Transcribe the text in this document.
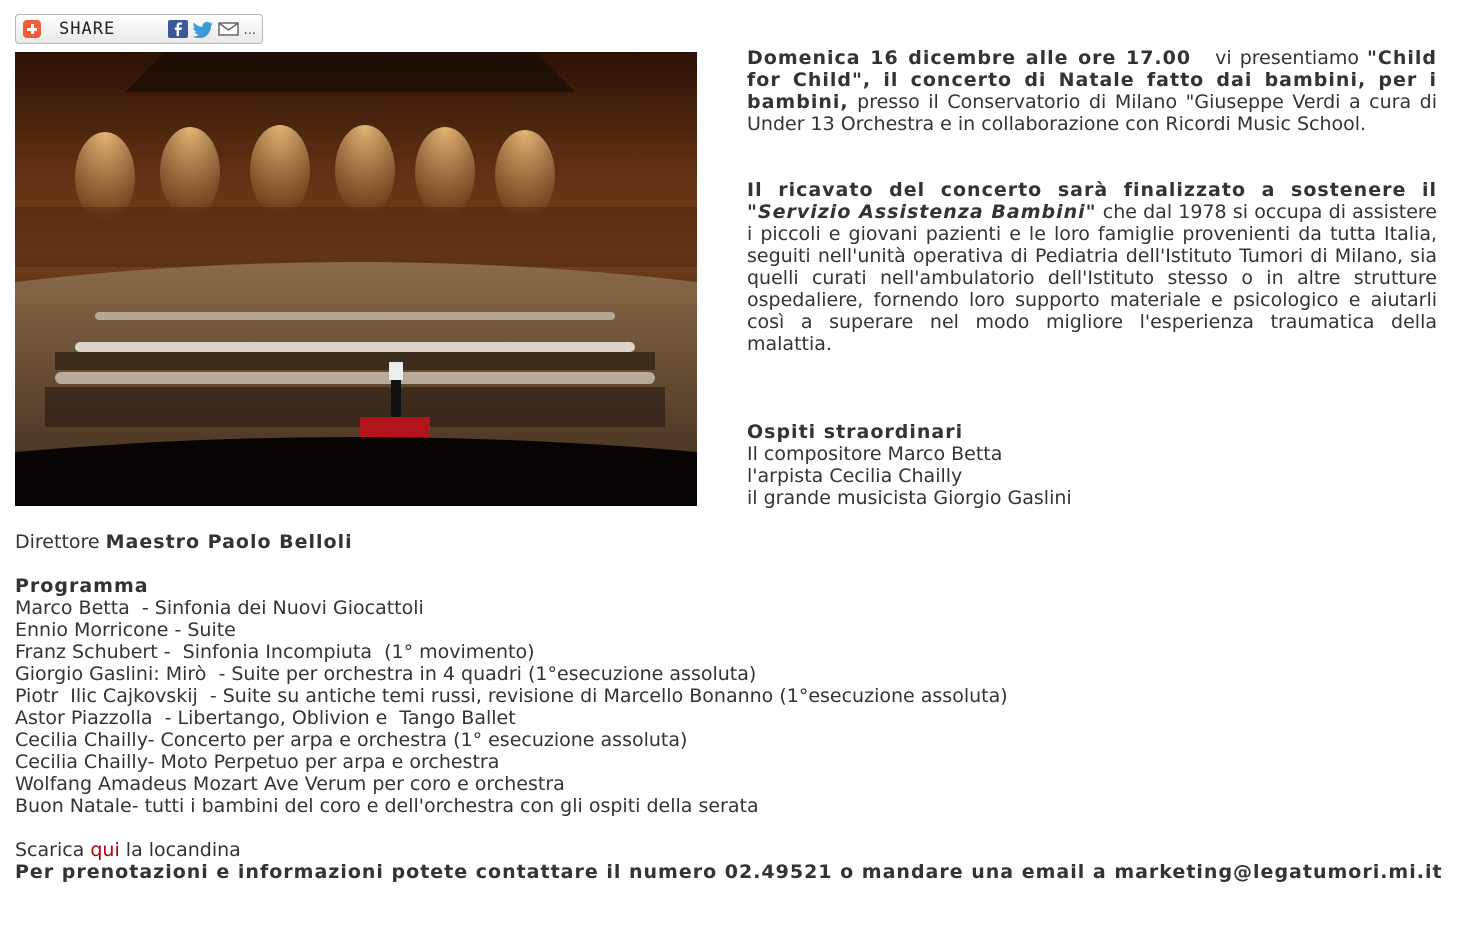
SHARE	...

Domenica 16 dicembre alle ore 17.00   vi presentiamo "Child for Child", il concerto di Natale fatto dai bambini, per i bambini, presso il Conservatorio di Milano "Giuseppe Verdi a cura di Under 13 Orchestra e in collaborazione con Ricordi Music School.

Il ricavato del concerto sarà finalizzato a sostenere il "Servizio Assistenza Bambini" che dal 1978 si occupa di assistere i piccoli e giovani pazienti e le loro famiglie provenienti da tutta Italia, seguiti nell'unità operativa di Pediatria dell'Istituto Tumori di Milano, sia quelli curati nell'ambulatorio dell'Istituto stesso o in altre strutture ospedaliere, fornendo loro supporto materiale e psicologico e aiutarli così a superare nel modo migliore l'esperienza traumatica della malattia.

Ospiti straordinari
Il compositore Marco Betta
l'arpista Cecilia Chailly
il grande musicista Giorgio Gaslini
Direttore Maestro Paolo Belloli
Programma
Marco Betta  - Sinfonia dei Nuovi Giocattoli
Ennio Morricone - Suite
Franz Schubert -  Sinfonia Incompiuta  (1° movimento)
Giorgio Gaslini: Mirò  - Suite per orchestra in 4 quadri (1°esecuzione assoluta)
Piotr  Ilic Cajkovskij  - Suite su antiche temi russi, revisione di Marcello Bonanno (1°esecuzione assoluta)
Astor Piazzolla  - Libertango, Oblivion e  Tango Ballet
Cecilia Chailly- Concerto per arpa e orchestra (1° esecuzione assoluta)
Cecilia Chailly- Moto Perpetuo per arpa e orchestra
Wolfang Amadeus Mozart Ave Verum per coro e orchestra
Buon Natale- tutti i bambini del coro e dell'orchestra con gli ospiti della serata
Scarica qui la locandina
Per prenotazioni e informazioni potete contattare il numero 02.49521 o mandare una email a marketing@legatumori.mi.it
